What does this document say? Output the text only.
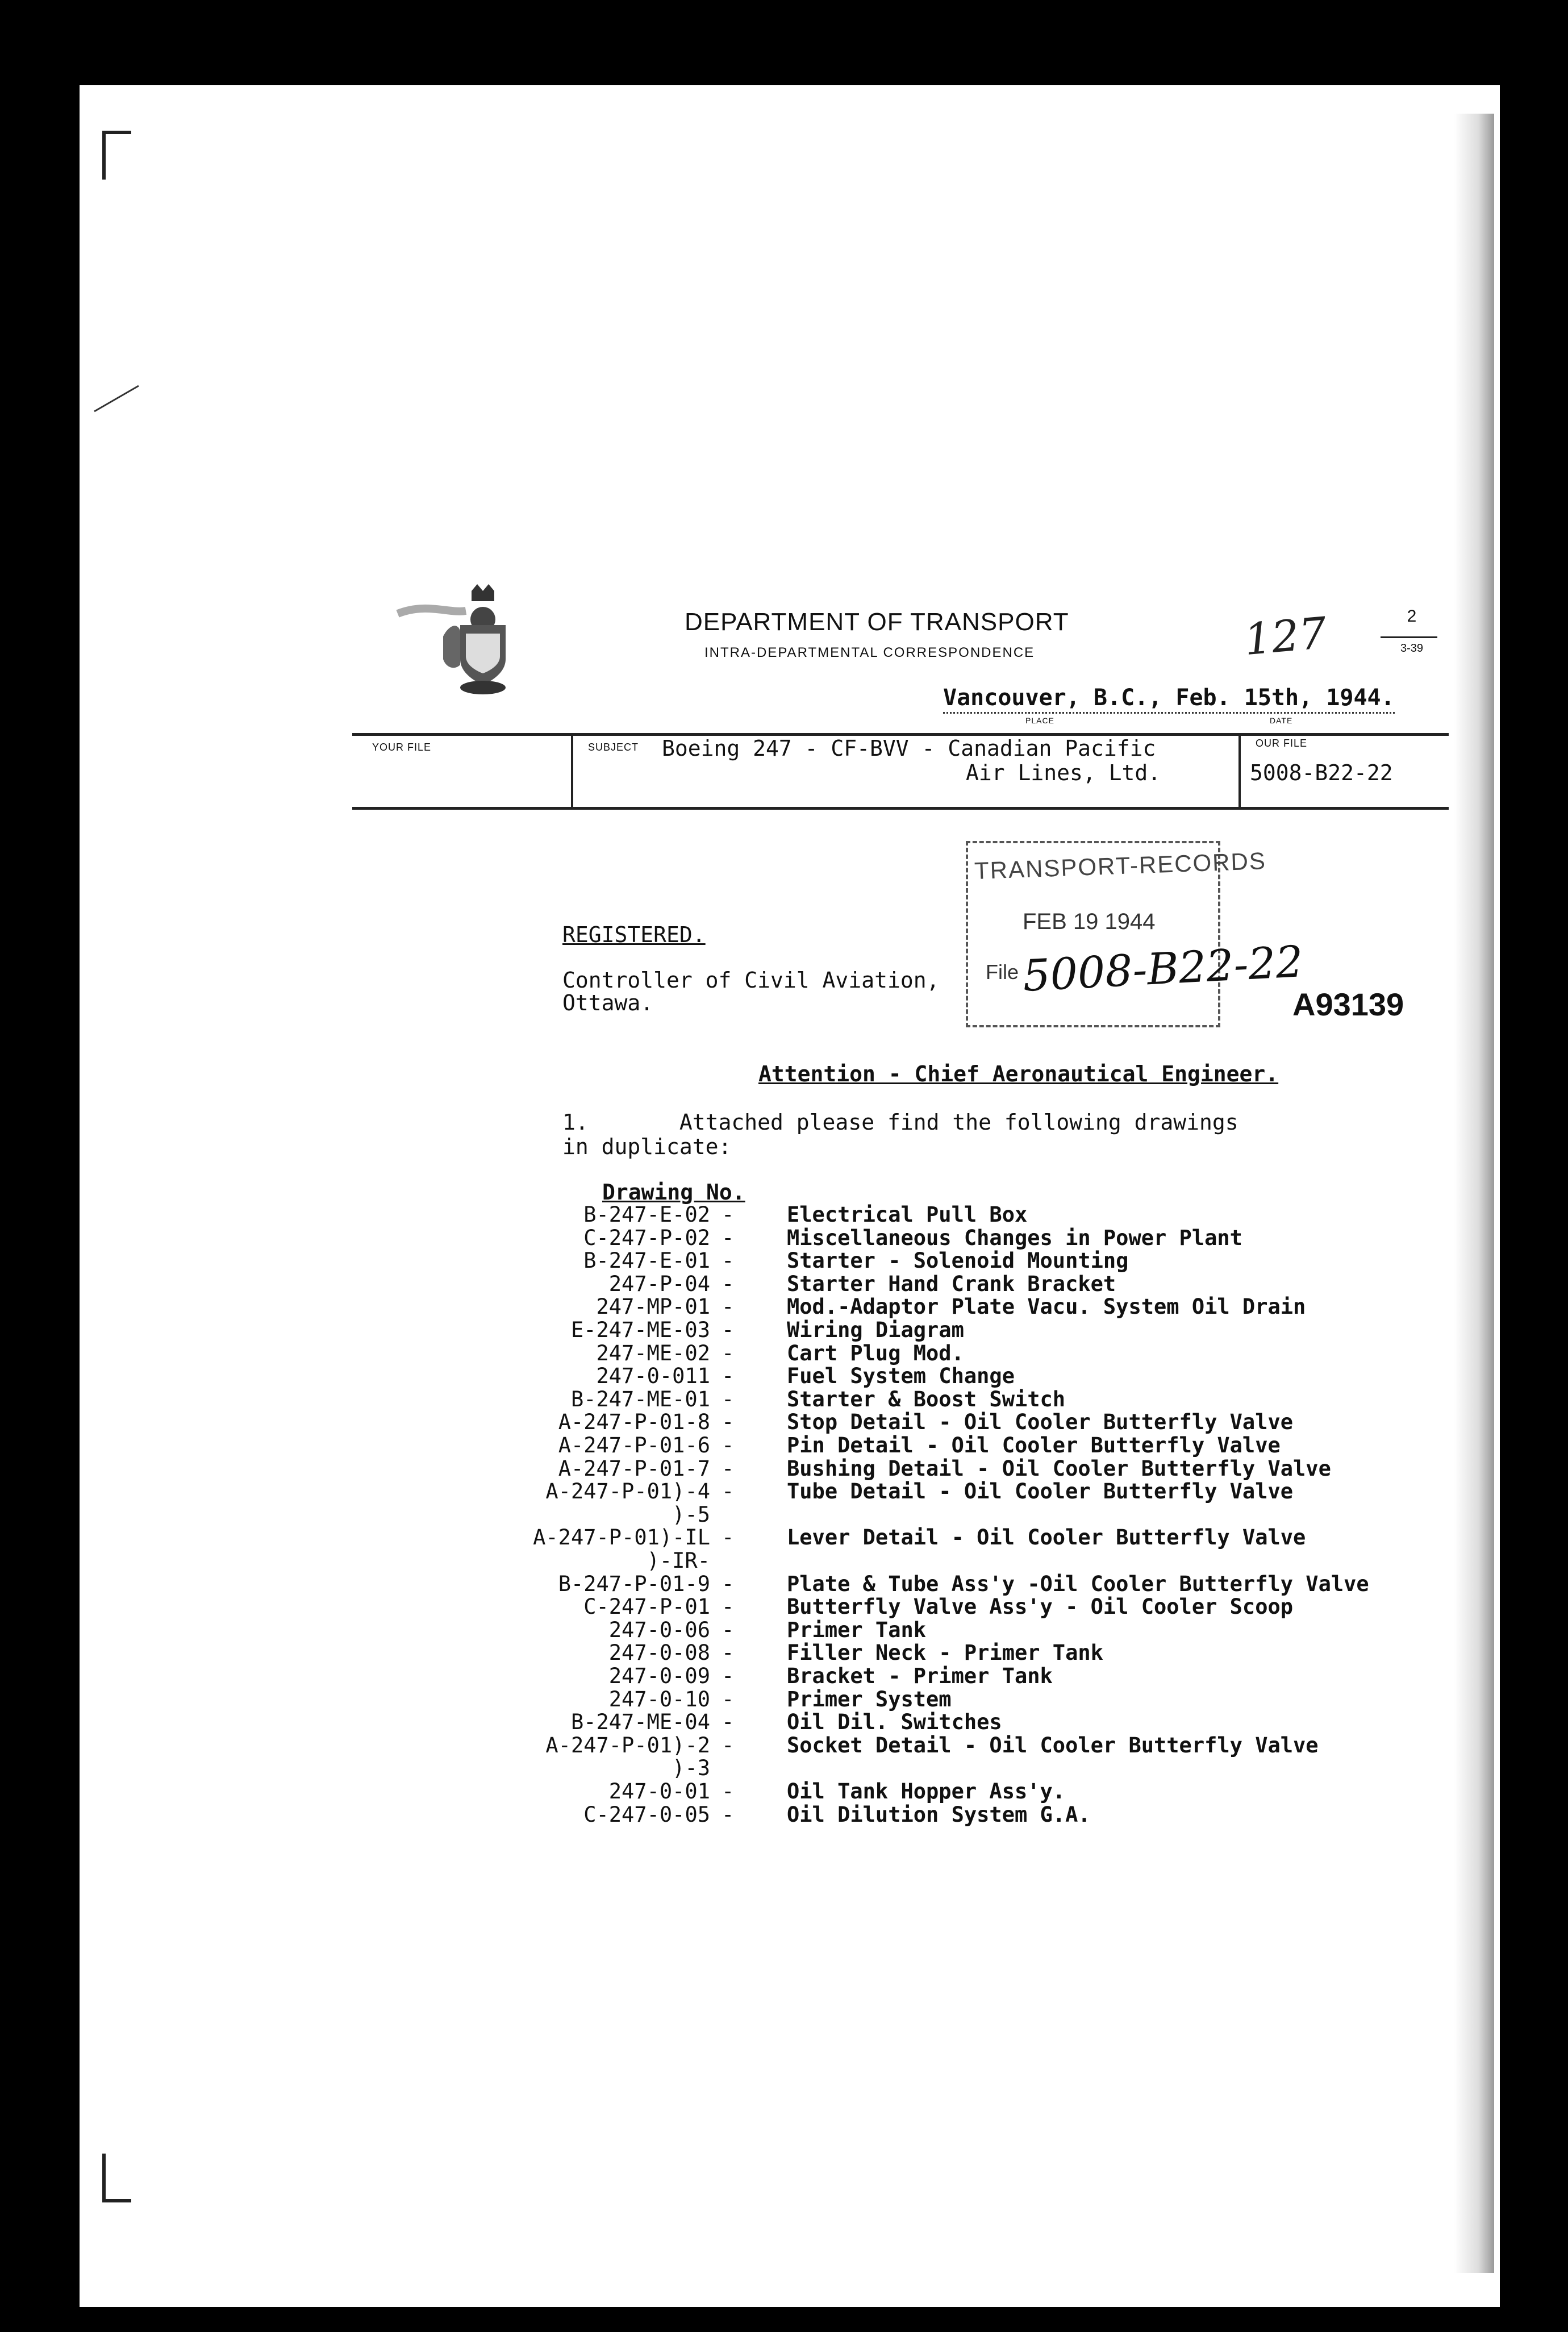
DEPARTMENT OF TRANSPORT
INTRA-DEPARTMENTAL CORRESPONDENCE	127	2
3-39
Vancouver, B.C., Feb. 15th, 1944.
PLACE	DATE
YOUR FILE	SUBJECT	OUR FILE
Boeing 247 - CF-BVV - Canadian Pacific
Air Lines, Ltd.	5008-B22-22
TRANSPORT-RECORDS
FEB 19 1944
File 5008-B22-22
A93139
REGISTERED.
Controller of Civil Aviation,
Ottawa.
Attention - Chief Aeronautical Engineer.
1.       Attached please find the following drawings
in duplicate:
Drawing No.
B-247-E-02 -	Electrical Pull Box
C-247-P-02 -	Miscellaneous Changes in Power Plant
B-247-E-01 -	Starter - Solenoid Mounting
247-P-04 -	Starter Hand Crank Bracket
247-MP-01 -	Mod.-Adaptor Plate Vacu. System Oil Drain
E-247-ME-03 -	Wiring Diagram
247-ME-02 -	Cart Plug Mod.
247-0-011 -	Fuel System Change
B-247-ME-01 -	Starter & Boost Switch
A-247-P-01-8 -	Stop Detail - Oil Cooler Butterfly Valve
A-247-P-01-6 -	Pin Detail - Oil Cooler Butterfly Valve
A-247-P-01-7 -	Bushing Detail - Oil Cooler Butterfly Valve
A-247-P-01)-4 -	Tube Detail - Oil Cooler Butterfly Valve
)-5
A-247-P-01)-IL -	Lever Detail - Oil Cooler Butterfly Valve
)-IR-
B-247-P-01-9 -	Plate & Tube Ass'y -Oil Cooler Butterfly Valve
C-247-P-01 -	Butterfly Valve Ass'y - Oil Cooler Scoop
247-0-06 -	Primer Tank
247-0-08 -	Filler Neck - Primer Tank
247-0-09 -	Bracket - Primer Tank
247-0-10 -	Primer System
B-247-ME-04 -	Oil Dil. Switches
A-247-P-01)-2 -	Socket Detail - Oil Cooler Butterfly Valve
)-3
247-0-01 -	Oil Tank Hopper Ass'y.
C-247-0-05 -	Oil Dilution System G.A.
